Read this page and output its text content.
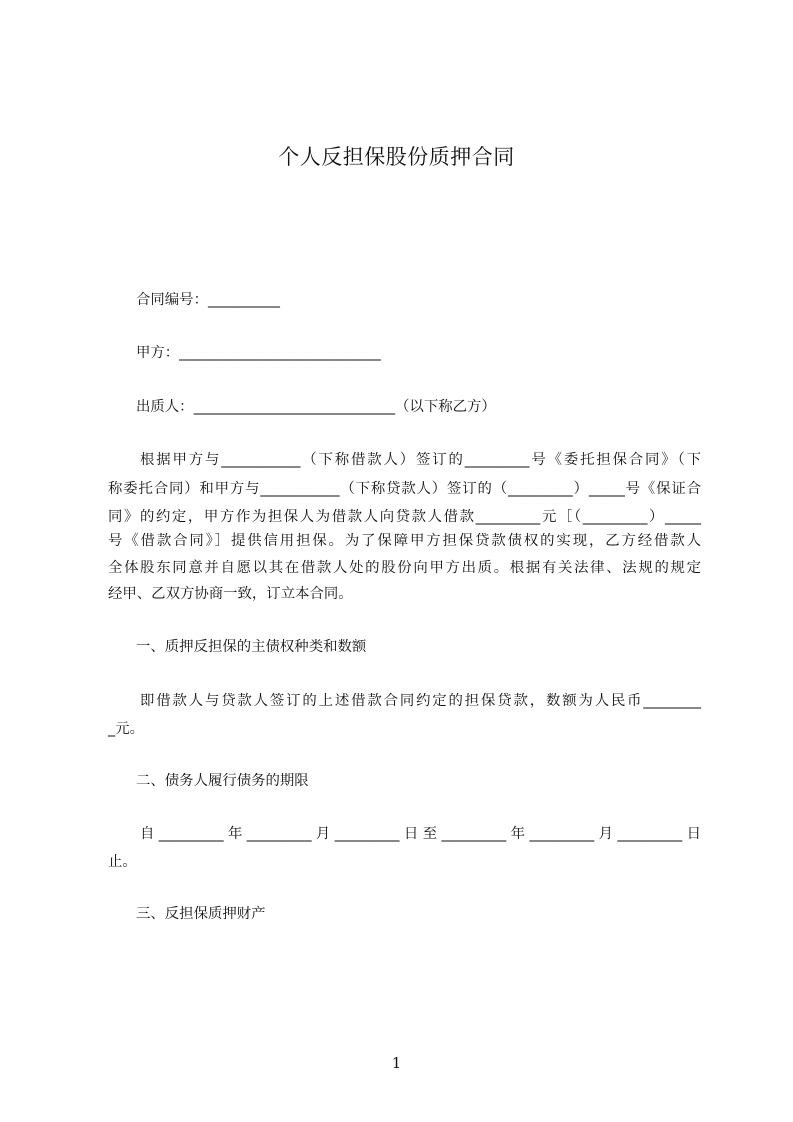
个人反担保股份质押合同
合同编号：__________
甲方：____________________________
出质人：____________________________（以下称乙方）
根据甲方与___________（下称借款人）签订的_________号《委托担保合同》（下
称委托合同）和甲方与___________（下称贷款人）签订的（_________）_____号《保证合
同》的约定，甲方作为担保人为借款人向贷款人借款_________元［（_________）_____
号《借款合同》］提供信用担保。为了保障甲方担保贷款债权的实现，乙方经借款人
全体股东同意并自愿以其在借款人处的股份向甲方出质。根据有关法律、法规的规定
经甲、乙双方协商一致，订立本合同。
一、质押反担保的主债权种类和数额
即借款人与贷款人签订的上述借款合同约定的担保贷款，数额为人民币________
_元。
二、债务人履行债务的期限
自_________年_________月_________日至_________年_________月_________日
止。
三、反担保质押财产
1
